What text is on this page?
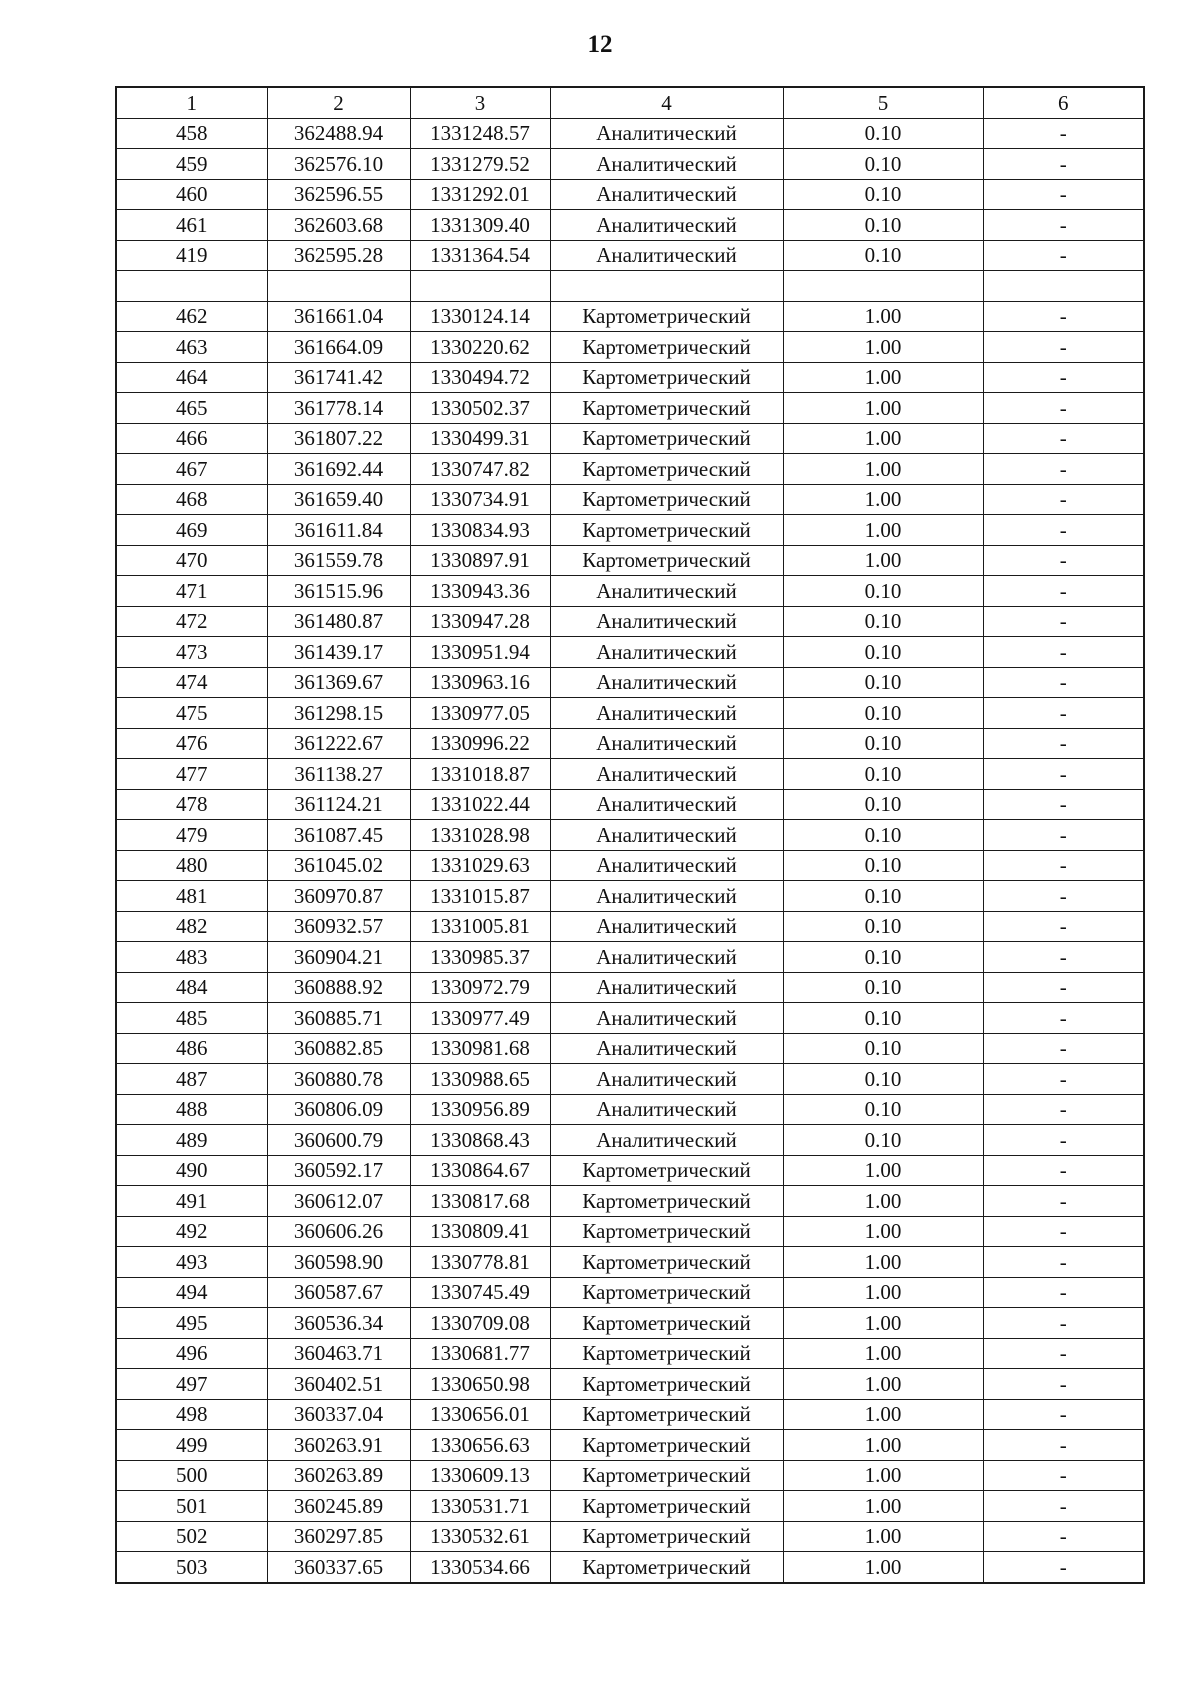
12
1	2	3	4	5	6
458	362488.94	1331248.57	Аналитический	0.10	-
459	362576.10	1331279.52	Аналитический	0.10	-
460	362596.55	1331292.01	Аналитический	0.10	-
461	362603.68	1331309.40	Аналитический	0.10	-
419	362595.28	1331364.54	Аналитический	0.10	-

462	361661.04	1330124.14	Картометрический	1.00	-
463	361664.09	1330220.62	Картометрический	1.00	-
464	361741.42	1330494.72	Картометрический	1.00	-
465	361778.14	1330502.37	Картометрический	1.00	-
466	361807.22	1330499.31	Картометрический	1.00	-
467	361692.44	1330747.82	Картометрический	1.00	-
468	361659.40	1330734.91	Картометрический	1.00	-
469	361611.84	1330834.93	Картометрический	1.00	-
470	361559.78	1330897.91	Картометрический	1.00	-
471	361515.96	1330943.36	Аналитический	0.10	-
472	361480.87	1330947.28	Аналитический	0.10	-
473	361439.17	1330951.94	Аналитический	0.10	-
474	361369.67	1330963.16	Аналитический	0.10	-
475	361298.15	1330977.05	Аналитический	0.10	-
476	361222.67	1330996.22	Аналитический	0.10	-
477	361138.27	1331018.87	Аналитический	0.10	-
478	361124.21	1331022.44	Аналитический	0.10	-
479	361087.45	1331028.98	Аналитический	0.10	-
480	361045.02	1331029.63	Аналитический	0.10	-
481	360970.87	1331015.87	Аналитический	0.10	-
482	360932.57	1331005.81	Аналитический	0.10	-
483	360904.21	1330985.37	Аналитический	0.10	-
484	360888.92	1330972.79	Аналитический	0.10	-
485	360885.71	1330977.49	Аналитический	0.10	-
486	360882.85	1330981.68	Аналитический	0.10	-
487	360880.78	1330988.65	Аналитический	0.10	-
488	360806.09	1330956.89	Аналитический	0.10	-
489	360600.79	1330868.43	Аналитический	0.10	-
490	360592.17	1330864.67	Картометрический	1.00	-
491	360612.07	1330817.68	Картометрический	1.00	-
492	360606.26	1330809.41	Картометрический	1.00	-
493	360598.90	1330778.81	Картометрический	1.00	-
494	360587.67	1330745.49	Картометрический	1.00	-
495	360536.34	1330709.08	Картометрический	1.00	-
496	360463.71	1330681.77	Картометрический	1.00	-
497	360402.51	1330650.98	Картометрический	1.00	-
498	360337.04	1330656.01	Картометрический	1.00	-
499	360263.91	1330656.63	Картометрический	1.00	-
500	360263.89	1330609.13	Картометрический	1.00	-
501	360245.89	1330531.71	Картометрический	1.00	-
502	360297.85	1330532.61	Картометрический	1.00	-
503	360337.65	1330534.66	Картометрический	1.00	-
